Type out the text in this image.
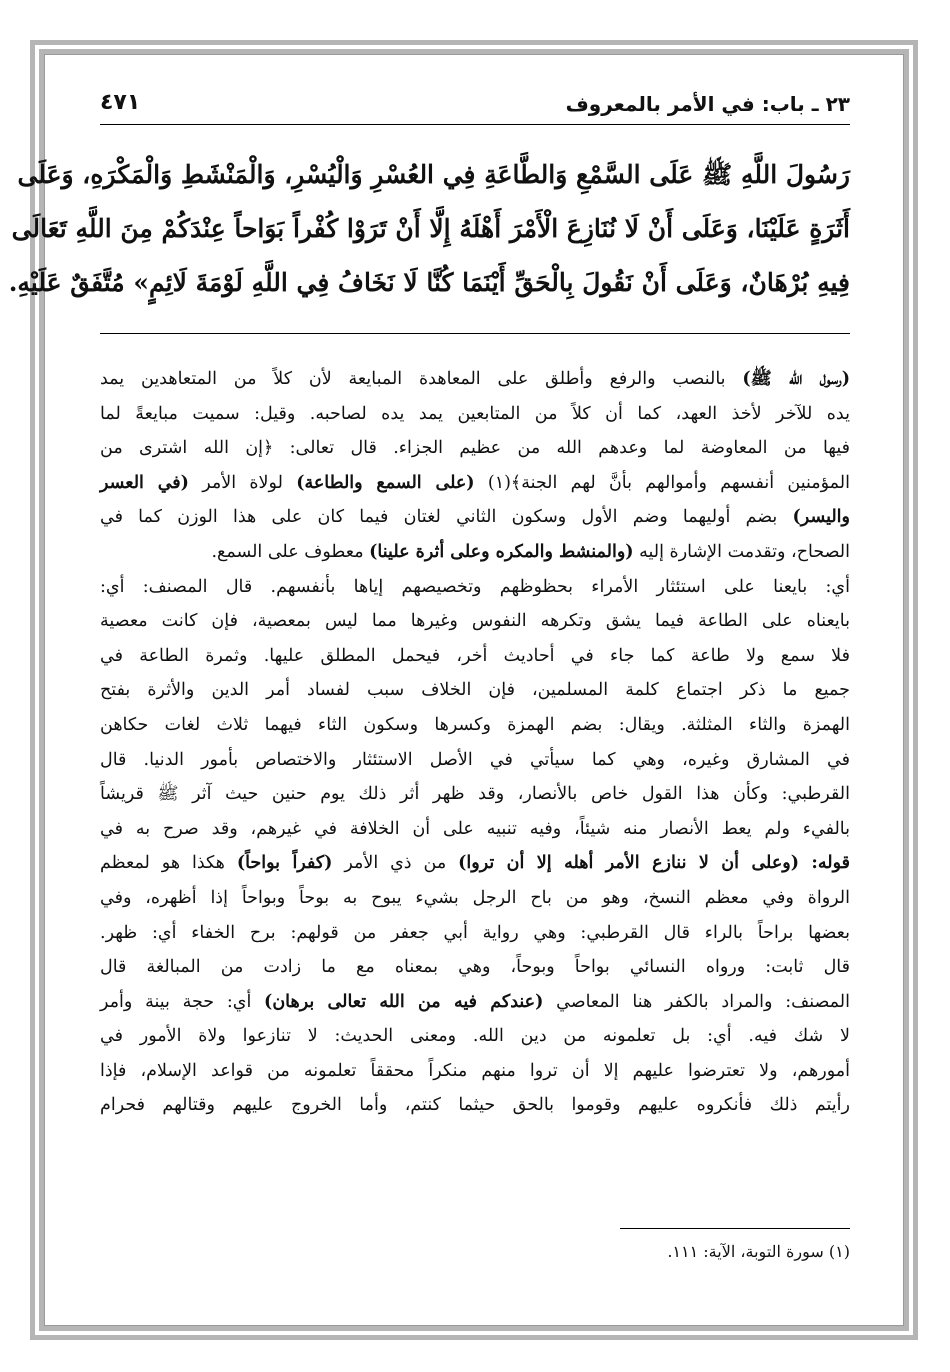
٢٣ ـ باب: في الأمر بالمعروف
٤٧١
رَسُولَ اللَّهِ ﷺ عَلَى السَّمْعِ وَالطَّاعَةِ فِي العُسْرِ وَالْيُسْرِ، وَالْمَنْشَطِ وَالْمَكْرَهِ، وَعَلَى
أَثَرَةٍ عَلَيْنَا، وَعَلَى أَنْ لَا نُنَازِعَ الْأَمْرَ أَهْلَهُ إِلَّا أَنْ تَرَوْا كُفْراً بَوَاحاً عِنْدَكُمْ مِنَ اللَّهِ تَعَالَى
فِيهِ بُرْهَانٌ، وَعَلَى أَنْ نَقُولَ بِالْحَقِّ أَيْنَمَا كُنَّا لَا نَخَافُ فِي اللَّهِ لَوْمَةَ لَائِمٍ» مُتَّفَقٌ عَلَيْهِ.
(رسول الله ﷺ) بالنصب والرفع وأطلق على المعاهدة المبايعة لأن كلاً من المتعاهدين يمد
يده للآخر لأخذ العهد، كما أن كلاً من المتابعين يمد يده لصاحبه. وقيل: سميت مبايعةً لما
فيها من المعاوضة لما وعدهم الله من عظيم الجزاء. قال تعالى: ﴿إن الله اشترى من
المؤمنين أنفسهم وأموالهم بأنَّ لهم الجنة﴾(١) (على السمع والطاعة) لولاة الأمر (في العسر
واليسر) بضم أوليهما وضم الأول وسكون الثاني لغتان فيما كان على هذا الوزن كما في
الصحاح، وتقدمت الإشارة إليه (والمنشط والمكره وعلى أثرة علينا) معطوف على السمع.
أي: بايعنا على استئثار الأمراء بحظوظهم وتخصيصهم إياها بأنفسهم. قال المصنف: أي:
بايعناه على الطاعة فيما يشق وتكرهه النفوس وغيرها مما ليس بمعصية، فإن كانت معصية
فلا سمع ولا طاعة كما جاء في أحاديث أخر، فيحمل المطلق عليها. وثمرة الطاعة في
جميع ما ذكر اجتماع كلمة المسلمين، فإن الخلاف سبب لفساد أمر الدين والأثرة بفتح
الهمزة والثاء المثلثة. ويقال: بضم الهمزة وكسرها وسكون الثاء فيهما ثلاث لغات حكاهن
في المشارق وغيره، وهي كما سيأتي في الأصل الاستئثار والاختصاص بأمور الدنيا. قال
القرطبي: وكأن هذا القول خاص بالأنصار، وقد ظهر أثر ذلك يوم حنين حيث آثر ﷺ قريشاً
بالفيء ولم يعط الأنصار منه شيئاً، وفيه تنبيه على أن الخلافة في غيرهم، وقد صرح به في
قوله: (وعلى أن لا ننازع الأمر أهله إلا أن تروا) من ذي الأمر (كفراً بواحاً) هكذا هو لمعظم
الرواة وفي معظم النسخ، وهو من باح الرجل بشيء يبوح به بوحاً وبواحاً إذا أظهره، وفي
بعضها براحاً بالراء قال القرطبي: وهي رواية أبي جعفر من قولهم: برح الخفاء أي: ظهر.
قال ثابت: ورواه النسائي بواحاً وبوحاً، وهي بمعناه مع ما زادت من المبالغة قال
المصنف: والمراد بالكفر هنا المعاصي (عندكم فيه من الله تعالى برهان) أي: حجة بينة وأمر
لا شك فيه. أي: بل تعلمونه من دين الله. ومعنى الحديث: لا تنازعوا ولاة الأمور في
أمورهم، ولا تعترضوا عليهم إلا أن تروا منهم منكراً محققاً تعلمونه من قواعد الإسلام، فإذا
رأيتم ذلك فأنكروه عليهم وقوموا بالحق حيثما كنتم، وأما الخروج عليهم وقتالهم فحرام
(١) سورة التوبة، الآية: ١١١.
